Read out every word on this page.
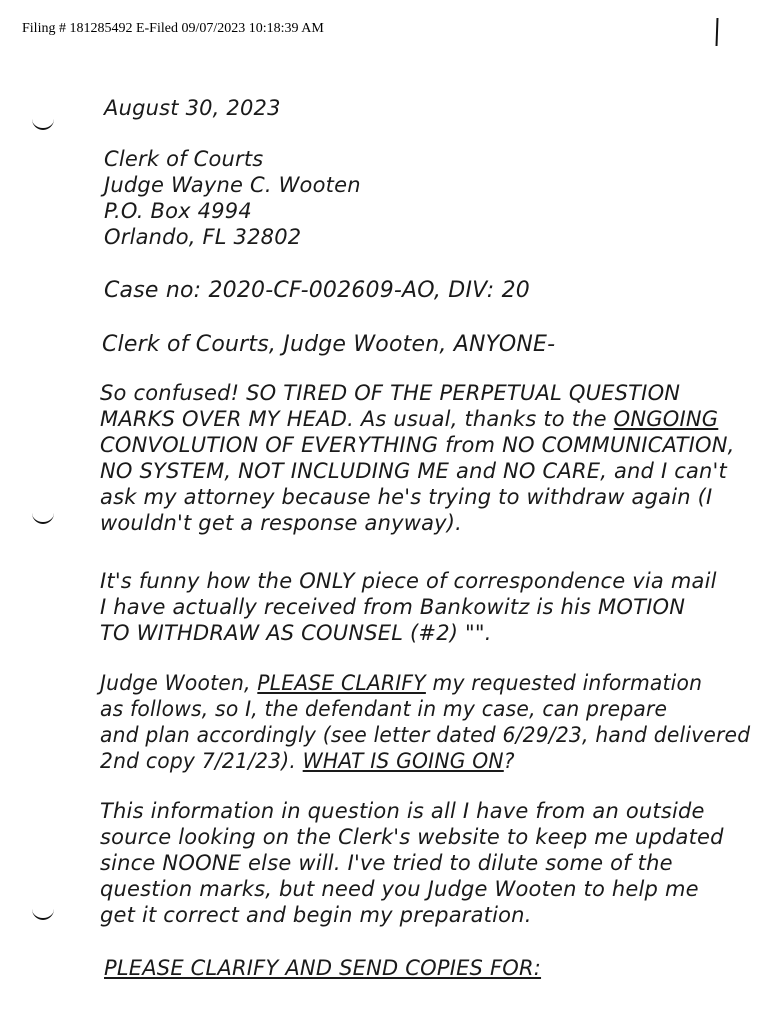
Filing # 181285492 E-Filed 09/07/2023 10:18:39 AM
August 30, 2023
Clerk of Courts
Judge Wayne C. Wooten
P.O. Box 4994
Orlando, FL 32802
Case no: 2020-CF-002609-AO, DIV: 20
Clerk of Courts, Judge Wooten, ANYONE-
So confused! SO TIRED OF THE PERPETUAL QUESTION
MARKS OVER MY HEAD. As usual, thanks to the ONGOING
CONVOLUTION OF EVERYTHING from NO COMMUNICATION,
NO SYSTEM, NOT INCLUDING ME and NO CARE, and I can't
ask my attorney because he's trying to withdraw again (I
wouldn't get a response anyway).
It's funny how the ONLY piece of correspondence via mail
I have actually received from Bankowitz is his MOTION
TO WITHDRAW AS COUNSEL (#2) "".
Judge Wooten, PLEASE CLARIFY my requested information
as follows, so I, the defendant in my case, can prepare
and plan accordingly (see letter dated 6/29/23, hand delivered
2nd copy 7/21/23). WHAT IS GOING ON?
This information in question is all I have from an outside
source looking on the Clerk's website to keep me updated
since NOONE else will. I've tried to dilute some of the
question marks, but need you Judge Wooten to help me
get it correct and begin my preparation.
PLEASE CLARIFY AND SEND COPIES FOR:
